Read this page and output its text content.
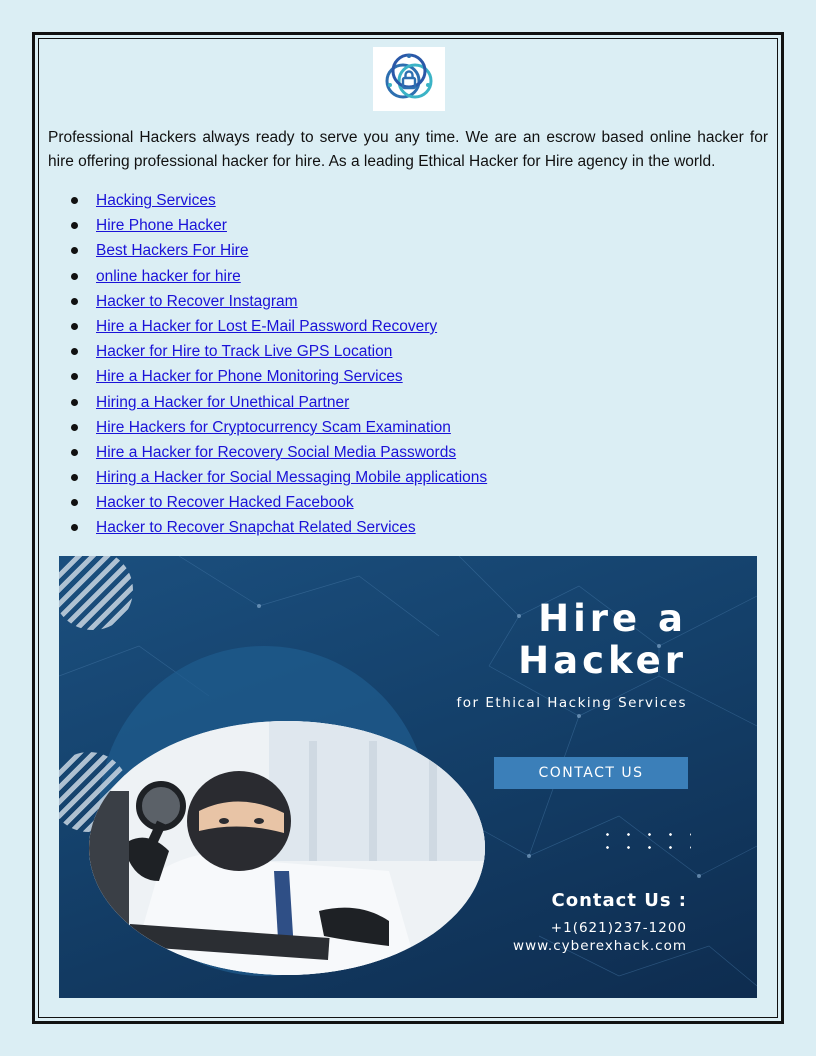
Professional Hackers always ready to serve you any time. We are an escrow based online hacker for hire offering professional hacker for hire. As a leading Ethical Hacker for Hire agency in the world.

Hacking Services
Hire Phone Hacker
Best Hackers For Hire
online hacker for hire
Hacker to Recover Instagram
Hire a Hacker for Lost E-Mail Password Recovery
Hacker for Hire to Track Live GPS Location
Hire a Hacker for Phone Monitoring Services
Hiring a Hacker for Unethical Partner
Hire Hackers for Cryptocurrency Scam Examination
Hire a Hacker for Recovery Social Media Passwords
Hiring a Hacker for Social Messaging Mobile applications
Hacker to Recover Hacked Facebook
Hacker to Recover Snapchat Related Services
Hire a
Hacker
for Ethical Hacking Services
CONTACT US
Contact Us :
+1(621)237-1200
www.cyberexhack.com
